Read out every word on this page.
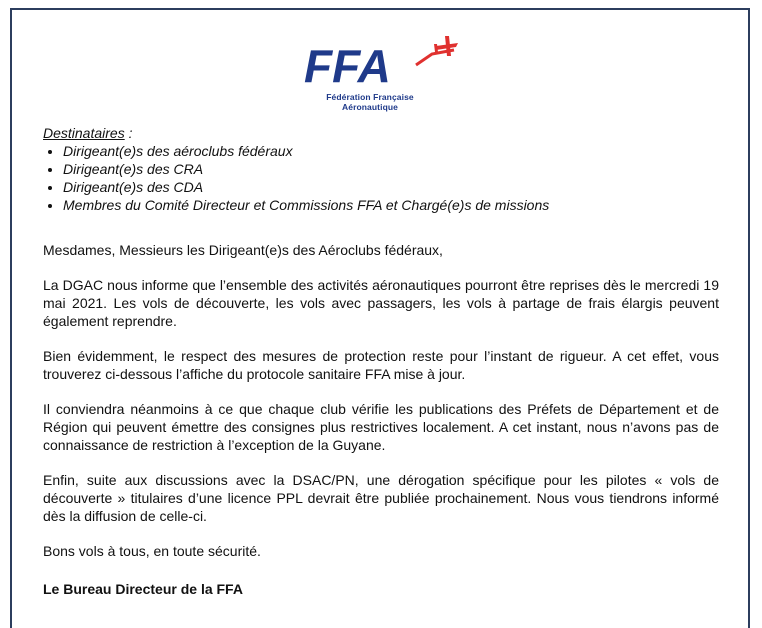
FFA
Fédération Française Aéronautique
Destinataires :
• Dirigeant(e)s des aéroclubs fédéraux
• Dirigeant(e)s des CRA
• Dirigeant(e)s des CDA
• Membres du Comité Directeur et Commissions FFA et Chargé(e)s de missions

Mesdames, Messieurs les Dirigeant(e)s des Aéroclubs fédéraux,

La DGAC nous informe que l’ensemble des activités aéronautiques pourront être reprises dès le mercredi 19 mai 2021. Les vols de découverte, les vols avec passagers, les vols à partage de frais élargis peuvent également reprendre.

Bien évidemment, le respect des mesures de protection reste pour l’instant de rigueur. A cet effet, vous trouverez ci-dessous l’affiche du protocole sanitaire FFA mise à jour.

Il conviendra néanmoins à ce que chaque club vérifie les publications des Préfets de Département et de Région qui peuvent émettre des consignes plus restrictives localement. A cet instant, nous n’avons pas de connaissance de restriction à l’exception de la Guyane.

Enfin, suite aux discussions avec la DSAC/PN, une dérogation spécifique pour les pilotes « vols de découverte » titulaires d’une licence PPL devrait être publiée prochainement. Nous vous tiendrons informé dès la diffusion de celle-ci.

Bons vols à tous, en toute sécurité.

Le Bureau Directeur de la FFA
